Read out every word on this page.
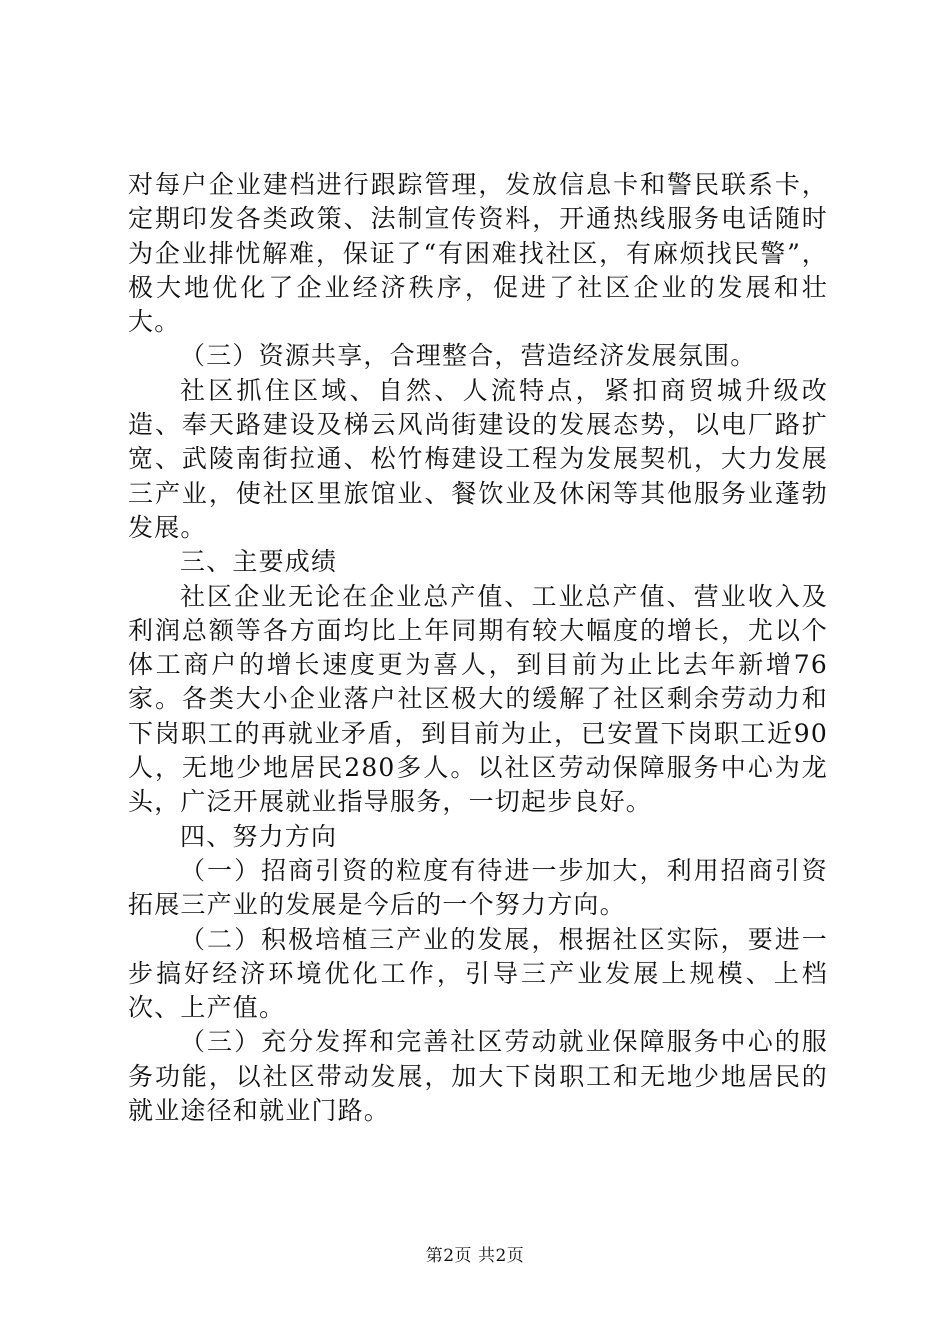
对每户企业建档进行跟踪管理，发放信息卡和警民联系卡，定期印发各类政策、法制宣传资料，开通热线服务电话随时为企业排忧解难，保证了“有困难找社区，有麻烦找民警”，极大地优化了企业经济秩序，促进了社区企业的发展和壮大。

（三）资源共享，合理整合，营造经济发展氛围。

社区抓住区域、自然、人流特点，紧扣商贸城升级改造、奉天路建设及梯云风尚街建设的发展态势，以电厂路扩宽、武陵南街拉通、松竹梅建设工程为发展契机，大力发展三产业，使社区里旅馆业、餐饮业及休闲等其他服务业蓬勃发展。

三、主要成绩

社区企业无论在企业总产值、工业总产值、营业收入及利润总额等各方面均比上年同期有较大幅度的增长，尤以个体工商户的增长速度更为喜人，到目前为止比去年新增76家。各类大小企业落户社区极大的缓解了社区剩余劳动力和下岗职工的再就业矛盾，到目前为止，已安置下岗职工近90人，无地少地居民280多人。以社区劳动保障服务中心为龙头，广泛开展就业指导服务，一切起步良好。

四、努力方向

（一）招商引资的粒度有待进一步加大，利用招商引资拓展三产业的发展是今后的一个努力方向。

（二）积极培植三产业的发展，根据社区实际，要进一步搞好经济环境优化工作，引导三产业发展上规模、上档次、上产值。

（三）充分发挥和完善社区劳动就业保障服务中心的服务功能，以社区带动发展，加大下岗职工和无地少地居民的就业途径和就业门路。

第2页 共2页
